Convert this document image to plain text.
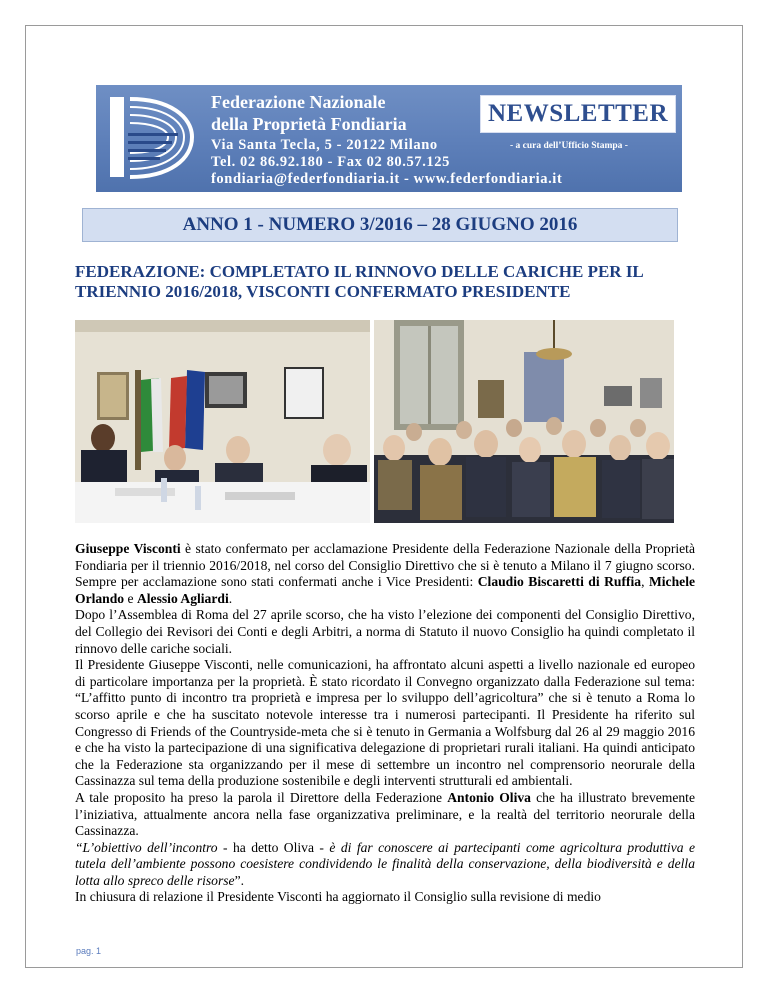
Federazione Nazionale
della Proprietà Fondiaria	NEWSLETTER
Via Santa Tecla, 5 - 20122 Milano	- a cura dell’Ufficio Stampa -
Tel. 02 86.92.180 - Fax 02 80.57.125
fondiaria@federfondiaria.it - www.federfondiaria.it
ANNO 1 - NUMERO 3/2016 – 28 GIUGNO 2016
FEDERAZIONE: COMPLETATO IL RINNOVO DELLE CARICHE PER IL
TRIENNIO 2016/2018, VISCONTI CONFERMATO PRESIDENTE

Giuseppe Visconti è stato confermato per acclamazione Presidente della Federazione Nazionale della Proprietà Fondiaria per il triennio 2016/2018, nel corso del Consiglio Direttivo che si è tenuto a Milano il 7 giugno scorso. Sempre per acclamazione sono stati confermati anche i Vice Presidenti: Claudio Biscaretti di Ruffia, Michele Orlando e Alessio Agliardi.

Dopo l’Assemblea di Roma del 27 aprile scorso, che ha visto l’elezione dei componenti del Consiglio Direttivo, del Collegio dei Revisori dei Conti e degli Arbitri, a norma di Statuto il nuovo Consiglio ha quindi completato il rinnovo delle cariche sociali.

Il Presidente Giuseppe Visconti, nelle comunicazioni, ha affrontato alcuni aspetti a livello nazionale ed europeo di particolare importanza per la proprietà. È stato ricordato il Convegno organizzato dalla Federazione sul tema: “L’affitto punto di incontro tra proprietà e impresa per lo sviluppo dell’agricoltura” che si è tenuto a Roma lo scorso aprile e che ha suscitato notevole interesse tra i numerosi partecipanti. Il Presidente ha riferito sul Congresso di Friends of the Countryside-meta che si è tenuto in Germania a Wolfsburg dal 26 al 29 maggio 2016 e che ha visto la partecipazione di una significativa delegazione di proprietari rurali italiani. Ha quindi anticipato che la Federazione sta organizzando per il mese di settembre un incontro nel comprensorio neorurale della Cassinazza sul tema della produzione sostenibile e degli interventi strutturali ed ambientali.

A tale proposito ha preso la parola il Direttore della Federazione Antonio Oliva che ha illustrato brevemente l’iniziativa, attualmente ancora nella fase organizzativa preliminare, e la realtà del territorio neorurale della Cassinazza.

“L’obiettivo dell’incontro - ha detto Oliva - è di far conoscere ai partecipanti come agricoltura produttiva e tutela dell’ambiente possono coesistere condividendo le finalità della conservazione, della biodiversità e della lotta allo spreco delle risorse”.

In chiusura di relazione il Presidente Visconti ha aggiornato il Consiglio sulla revisione di medio

pag. 1
